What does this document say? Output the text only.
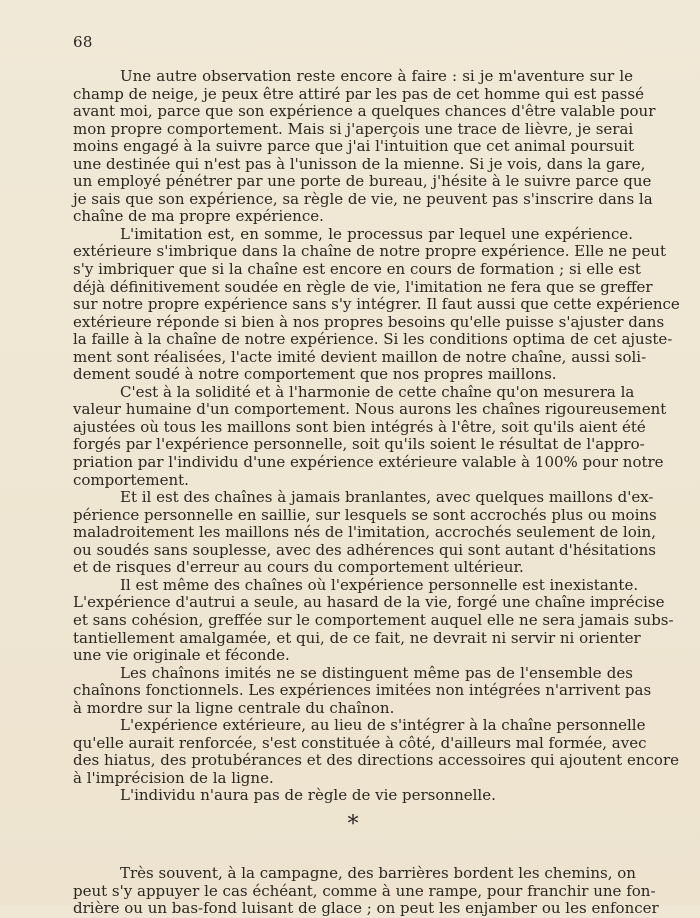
68
Une autre observation reste encore à faire : si je m'aventure sur le
champ de neige, je peux être attiré par les pas de cet homme qui est passé
avant moi, parce que son expérience a quelques chances d'être valable pour
mon propre comportement. Mais si j'aperçois une trace de lièvre, je serai
moins engagé à la suivre parce que j'ai l'intuition que cet animal poursuit
une destinée qui n'est pas à l'unisson de la mienne. Si je vois, dans la gare,
un employé pénétrer par une porte de bureau, j'hésite à le suivre parce que
je sais que son expérience, sa règle de vie, ne peuvent pas s'inscrire dans la
chaîne de ma propre expérience.
L'imitation est, en somme, le processus par lequel une expérience.
extérieure s'imbrique dans la chaîne de notre propre expérience. Elle ne peut
s'y imbriquer que si la chaîne est encore en cours de formation ; si elle est
déjà définitivement soudée en règle de vie, l'imitation ne fera que se greffer
sur notre propre expérience sans s'y intégrer. Il faut aussi que cette expérience
extérieure réponde si bien à nos propres besoins qu'elle puisse s'ajuster dans
la faille à la chaîne de notre expérience. Si les conditions optima de cet ajuste-
ment sont réalisées, l'acte imité devient maillon de notre chaîne, aussi soli-
dement soudé à notre comportement que nos propres maillons.
C'est à la solidité et à l'harmonie de cette chaîne qu'on mesurera la
valeur humaine d'un comportement. Nous aurons les chaînes rigoureusement
ajustées où tous les maillons sont bien intégrés à l'être, soit qu'ils aient été
forgés par l'expérience personnelle, soit qu'ils soient le résultat de l'appro-
priation par l'individu d'une expérience extérieure valable à 100% pour notre
comportement.
Et il est des chaînes à jamais branlantes, avec quelques maillons d'ex-
périence personnelle en saillie, sur lesquels se sont accrochés plus ou moins
maladroitement les maillons nés de l'imitation, accrochés seulement de loin,
ou soudés sans souplesse, avec des adhérences qui sont autant d'hésitations
et de risques d'erreur au cours du comportement ultérieur.
Il est même des chaînes où l'expérience personnelle est inexistante.
L'expérience d'autrui a seule, au hasard de la vie, forgé une chaîne imprécise
et sans cohésion, greffée sur le comportement auquel elle ne sera jamais subs-
tantiellement amalgamée, et qui, de ce fait, ne devrait ni servir ni orienter
une vie originale et féconde.
Les chaînons imités ne se distinguent même pas de l'ensemble des
chaînons fonctionnels. Les expériences imitées non intégrées n'arrivent pas
à mordre sur la ligne centrale du chaînon.
L'expérience extérieure, au lieu de s'intégrer à la chaîne personnelle
qu'elle aurait renforcée, s'est constituée à côté, d'ailleurs mal formée, avec
des hiatus, des protubérances et des directions accessoires qui ajoutent encore
à l'imprécision de la ligne.
L'individu n'aura pas de règle de vie personnelle.
*
Très souvent, à la campagne, des barrières bordent les chemins, on
peut s'y appuyer le cas échéant, comme à une rampe, pour franchir une fon-
drière ou un bas-fond luisant de glace ; on peut les enjamber ou les enfoncer
